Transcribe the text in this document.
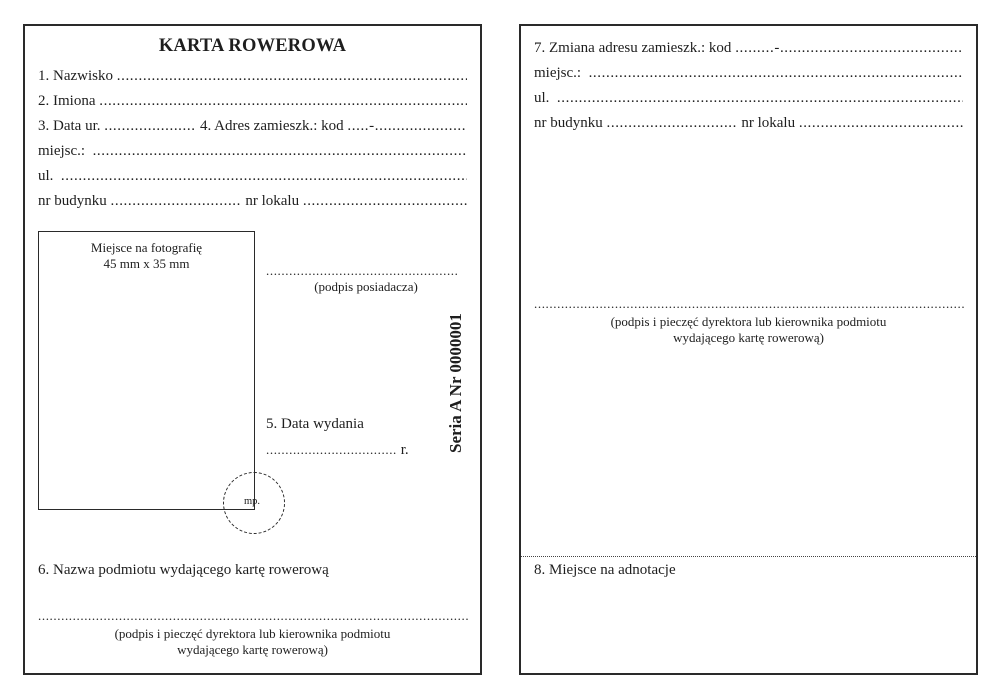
KARTA ROWEROWA
1. Nazwisko
.....
2. Imiona
.....
3. Data ur. ..................... 4. Adres zamieszk.: kod .....-
.....
miejsc.:
.....
ul.
.....
nr budynku .............................. nr lokalu
.....
Miejsce na fotografię
45 mm x 35 mm
mp.
.....
(podpis posiadacza)
Seria A Nr 0000001
5. Data wydania
.................................. r.
6. Nazwa podmiotu wydającego kartę rowerową
.....
(podpis i pieczęć dyrektora lub kierownika podmiotu
wydającego kartę rowerową)
7. Zmiana adresu zamieszk.: kod .........-
.....
miejsc.:
.....
ul.
.....
nr budynku .............................. nr lokalu
.....
.....
(podpis i pieczęć dyrektora lub kierownika podmiotu
wydającego kartę rowerową)
8. Miejsce na adnotacje
